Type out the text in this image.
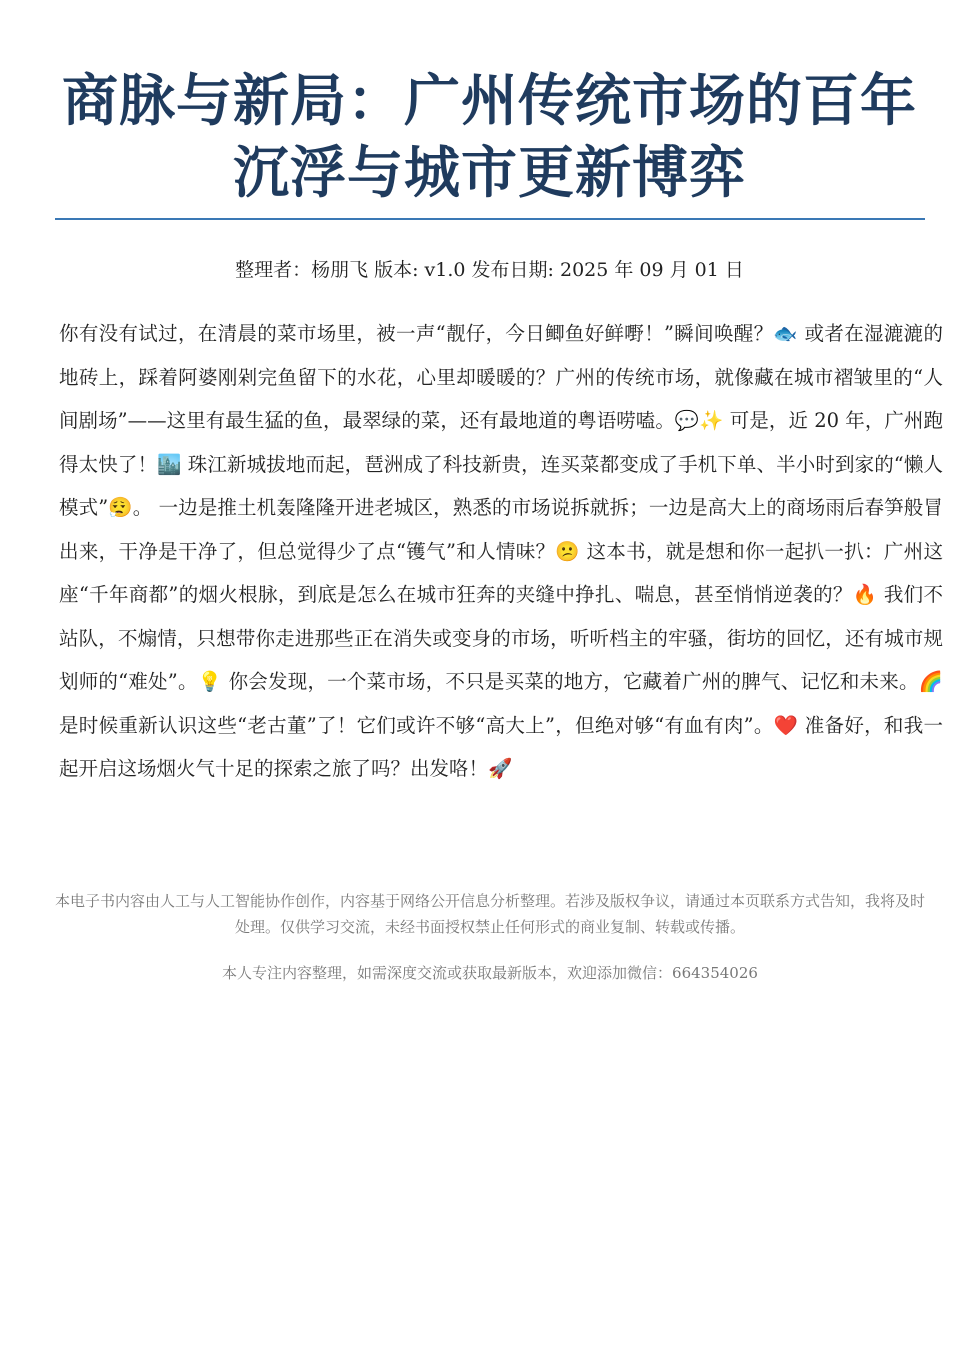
商脉与新局：广州传统市场的百年沉浮与城市更新博弈
整理者：杨朋飞 版本: v1.0 发布日期: 2025 年 09 月 01 日

你有没有试过，在清晨的菜市场里，被一声“靓仔，今日鲫鱼好鲜嘢！”瞬间唤醒？🐟 或者在湿漉漉的地砖上，踩着阿婆刚剁完鱼留下的水花，心里却暖暖的？广州的传统市场，就像藏在城市褶皱里的“人间剧场”——这里有最生猛的鱼，最翠绿的菜，还有最地道的粤语唠嗑。💬✨ 可是，近 20 年，广州跑得太快了！🏙️ 珠江新城拔地而起，琶洲成了科技新贵，连买菜都变成了手机下单、半小时到家的“懒人模式”😮‍💨。 一边是推土机轰隆隆开进老城区，熟悉的市场说拆就拆；一边是高大上的商场雨后春笋般冒出来，干净是干净了，但总觉得少了点“镬气”和人情味？😕 这本书，就是想和你一起扒一扒：广州这座“千年商都”的烟火根脉，到底是怎么在城市狂奔的夹缝中挣扎、喘息，甚至悄悄逆袭的？🔥 我们不站队，不煽情，只想带你走进那些正在消失或变身的市场，听听档主的牢骚，街坊的回忆，还有城市规划师的“难处”。💡 你会发现，一个菜市场，不只是买菜的地方，它藏着广州的脾气、记忆和未来。🌈 是时候重新认识这些“老古董”了！它们或许不够“高大上”，但绝对够“有血有肉”。❤️ 准备好，和我一起开启这场烟火气十足的探索之旅了吗？出发咯！🚀

本电子书内容由人工与人工智能协作创作，内容基于网络公开信息分析整理。若涉及版权争议，请通过本页联系方式告知，我将及时处理。仅供学习交流，未经书面授权禁止任何形式的商业复制、转载或传播。
本人专注内容整理，如需深度交流或获取最新版本，欢迎添加微信：664354026
